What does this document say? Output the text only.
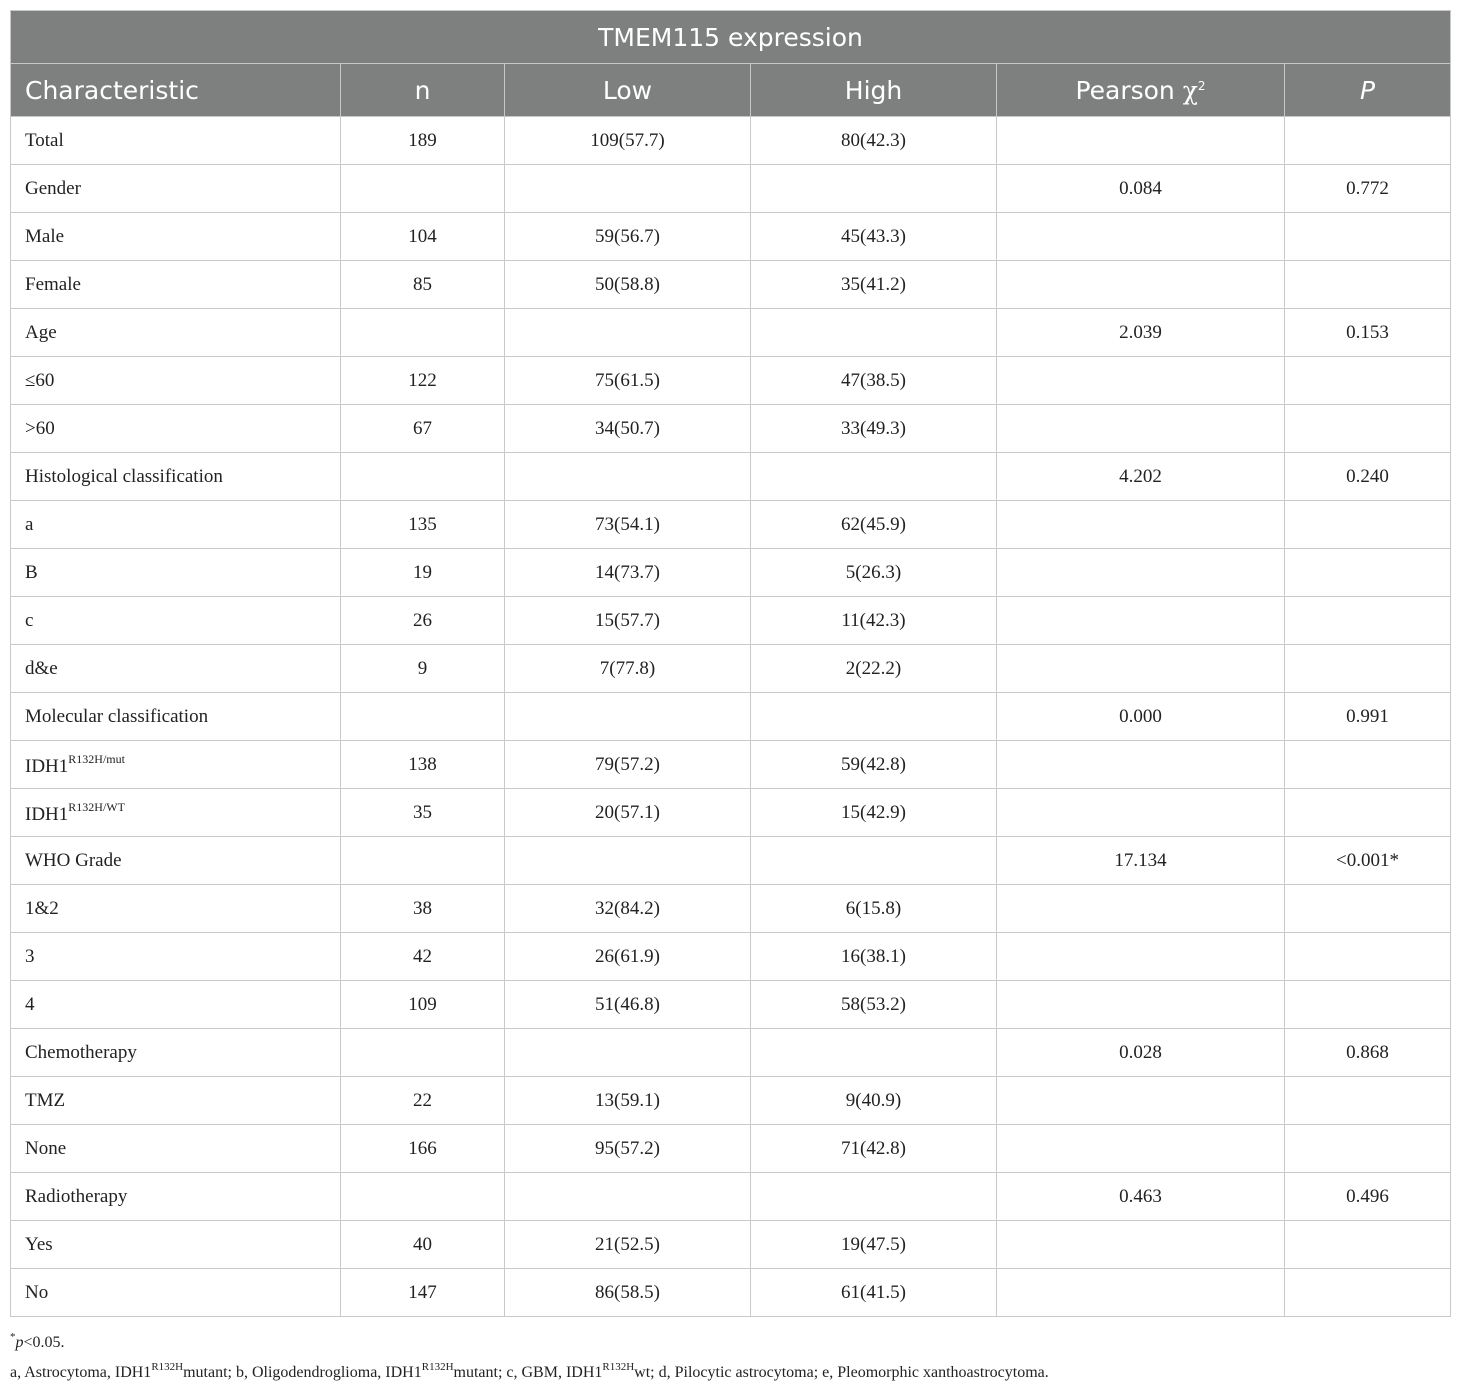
TMEM115 expression					
Characteristic	n	Low	High	Pearson $\chi^2$	P
Total	189	109(57.7)	80(42.3)		
Gender				0.084	0.772
Male	104	59(56.7)	45(43.3)		
Female	85	50(58.8)	35(41.2)		
Age				2.039	0.153
≤60	122	75(61.5)	47(38.5)		
>60	67	34(50.7)	33(49.3)		
Histological classification				4.202	0.240
a	135	73(54.1)	62(45.9)		
B	19	14(73.7)	5(26.3)		
c	26	15(57.7)	11(42.3)		
d&e	9	7(77.8)	2(22.2)		
Molecular classification				0.000	0.991
$IDH1^{R132H/mut}$	138	79(57.2)	59(42.8)		
$IDH1^{R132H/WT}$	35	20(57.1)	15(42.9)		
WHO Grade				17.134	<0.001*
1&2	38	32(84.2)	6(15.8)		
3	42	26(61.9)	16(38.1)		
4	109	51(46.8)	58(53.2)		
Chemotherapy				0.028	0.868
TMZ	22	13(59.1)	9(40.9)		
None	166	95(57.2)	71(42.8)		
Radiotherapy				0.463	0.496
Yes	40	21(52.5)	19(47.5)		
No	147	86(58.5)	61(41.5)		
*p<0.05.
a, Astrocytoma, $IDH1^{R132H}mutant$; b, Oligodendroglioma, $IDH1^{R132H}mutant$; c, GBM, $IDH1^{R132H}wt$; d, Pilocytic astrocytoma; e, Pleomorphic xanthoastrocytoma.
